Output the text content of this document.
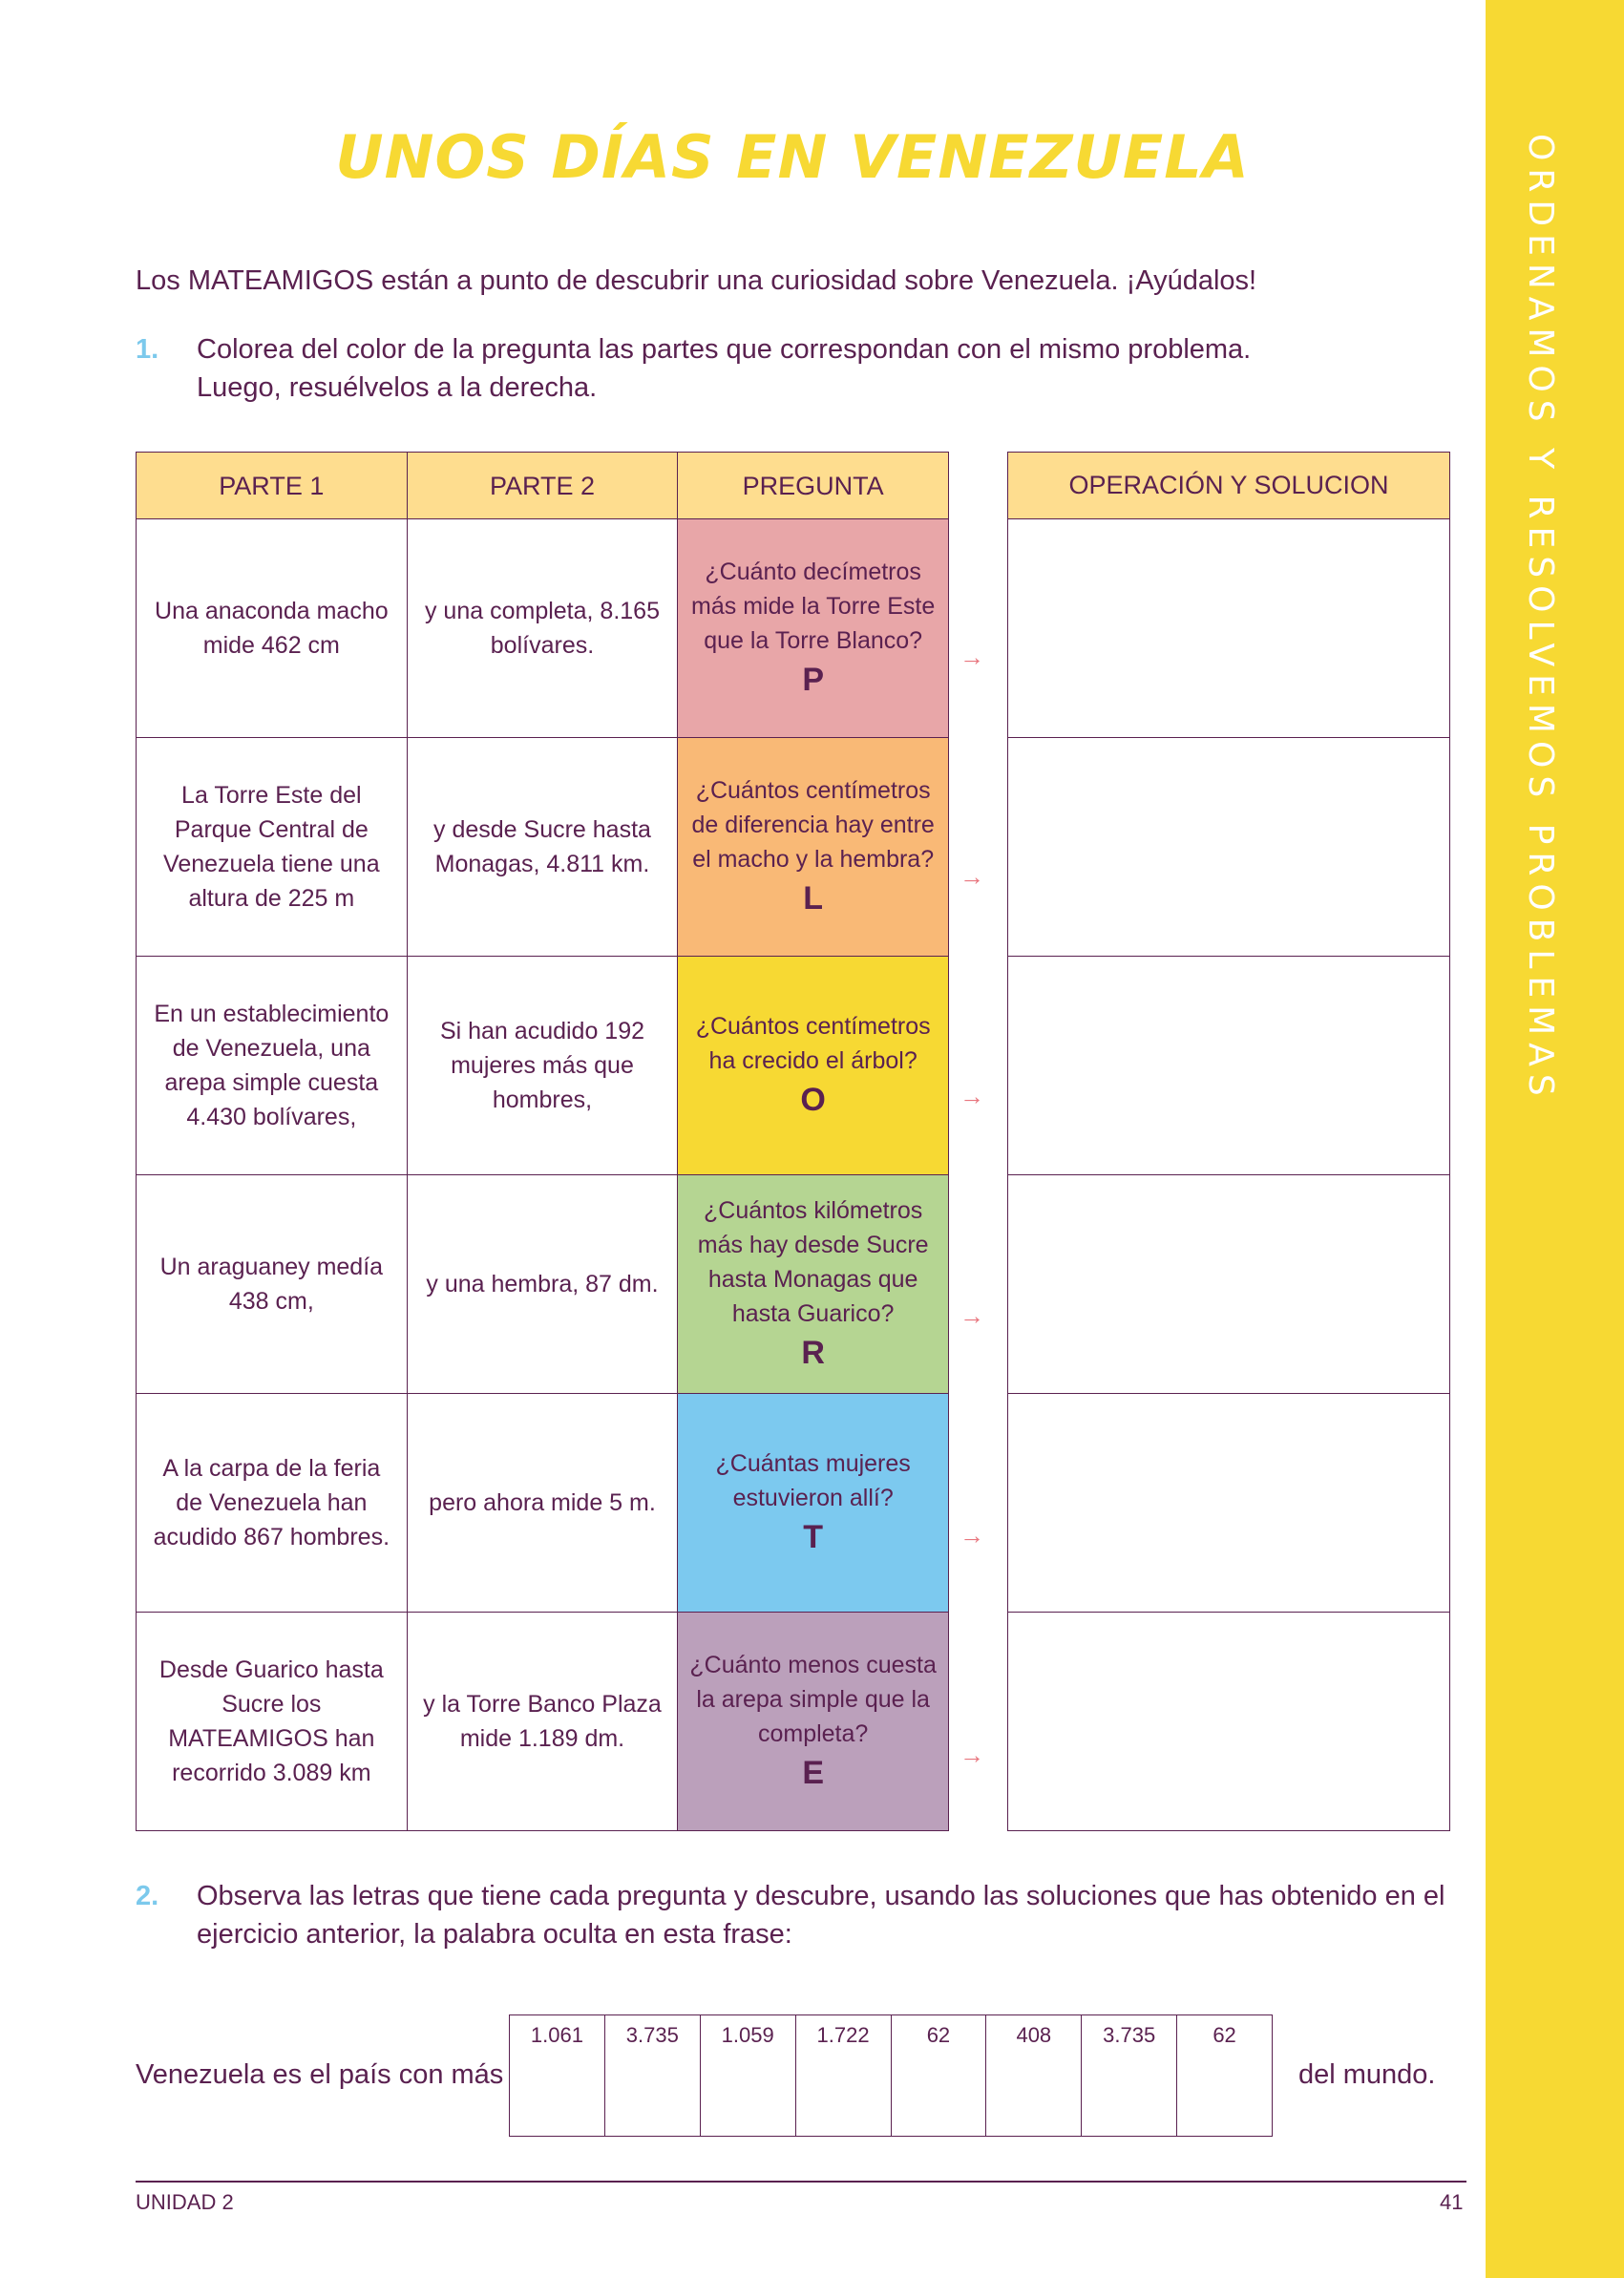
ORDENAMOS Y RESOLVEMOS PROBLEMAS
UNOS DÍAS EN VENEZUELA
Los MATEAMIGOS están a punto de descubrir una curiosidad sobre Venezuela. ¡Ayúdalos!
1. Colorea del color de la pregunta las partes que correspondan con el mismo problema.
Luego, resuélvelos a la derecha.
PARTE 1	PARTE 2	PREGUNTA
Una anaconda macho mide 462 cm	y una completa, 8.165 bolívares.	¿Cuánto decímetros más mide la Torre Este que la Torre Blanco?
P

La Torre Este del Parque Central de Venezuela tiene una altura de 225 m	y desde Sucre hasta Monagas, 4.811 km.	¿Cuántos centímetros de diferencia hay entre el macho y la hembra?
L

En un establecimiento de Venezuela, una arepa simple cuesta 4.430 bolívares,	Si han acudido 192 mujeres más que hombres,	¿Cuántos centímetros ha crecido el árbol?
O

Un araguaney medía 438 cm,	y una hembra, 87 dm.	¿Cuántos kilómetros más hay desde Sucre hasta Monagas que hasta Guarico?
R

A la carpa de la feria de Venezuela han acudido 867 hombres.	pero ahora mide 5 m.	¿Cuántas mujeres estuvieron allí?
T

Desde Guarico hasta Sucre los MATEAMIGOS han recorrido 3.089 km	y la Torre Banco Plaza mide 1.189 dm.	¿Cuánto menos cuesta la arepa simple que la completa?
E
→
→
→
→
→
→
OPERACIÓN Y SOLUCION

2. Observa las letras que tiene cada pregunta y descubre, usando las soluciones que has obtenido en el
ejercicio anterior, la palabra oculta en esta frase:
Venezuela es el país con más
1.061	3.735	1.059	1.722	62	408	3.735	62
del mundo.
UNIDAD 2	41
